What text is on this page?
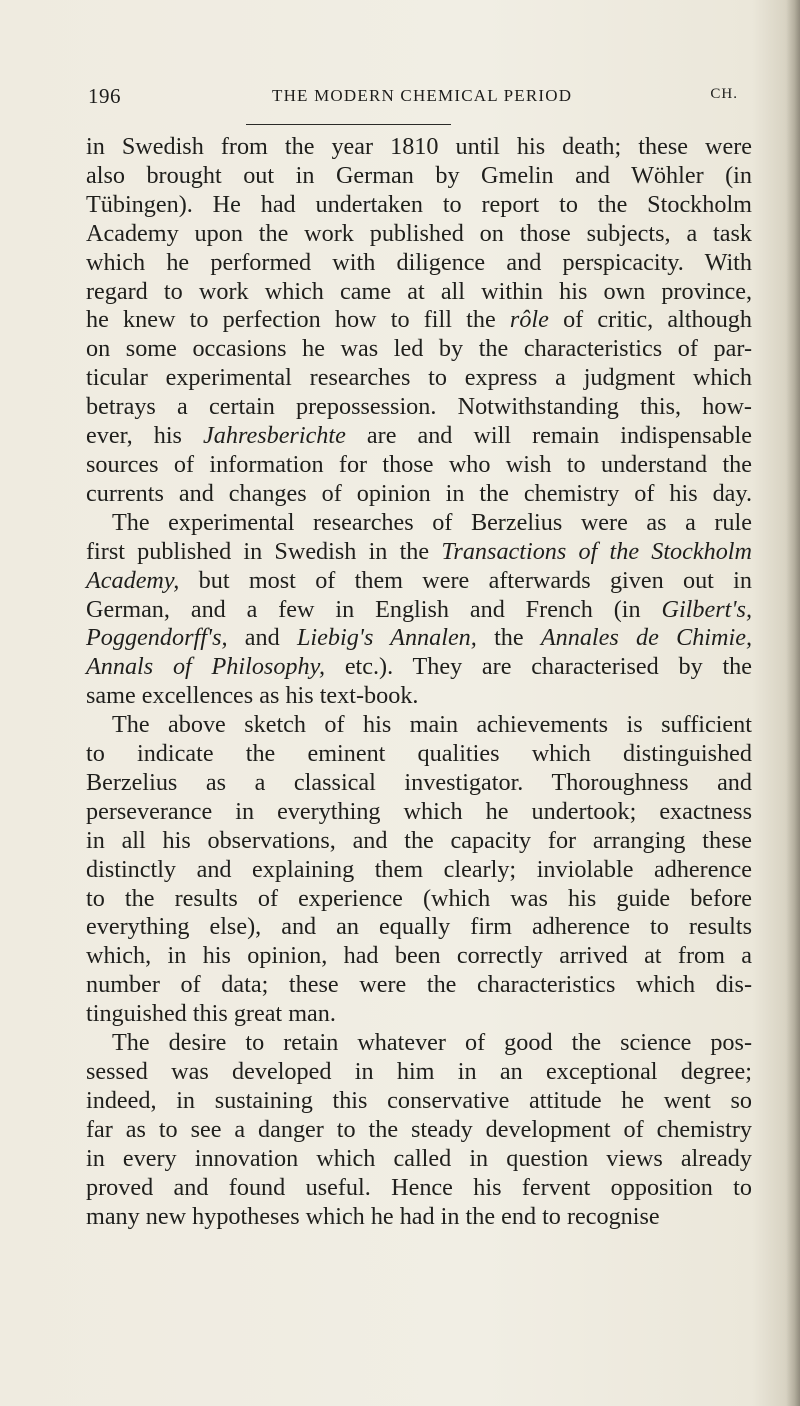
196	THE MODERN CHEMICAL PERIOD	CH.
in Swedish from the year 1810 until his death; these were
also brought out in German by Gmelin and Wöhler (in
Tübingen). He had undertaken to report to the Stockholm
Academy upon the work published on those subjects, a task
which he performed with diligence and perspicacity. With
regard to work which came at all within his own province,
he knew to perfection how to fill the rôle of critic, although
on some occasions he was led by the characteristics of par-
ticular experimental researches to express a judgment which
betrays a certain prepossession. Notwithstanding this, how-
ever, his Jahresberichte are and will remain indispensable
sources of information for those who wish to understand the
currents and changes of opinion in the chemistry of his day.
The experimental researches of Berzelius were as a rule
first published in Swedish in the Transactions of the Stockholm
Academy, but most of them were afterwards given out in
German, and a few in English and French (in Gilbert's,
Poggendorff's, and Liebig's Annalen, the Annales de Chimie,
Annals of Philosophy, etc.). They are characterised by the
same excellences as his text-book.
The above sketch of his main achievements is sufficient
to indicate the eminent qualities which distinguished
Berzelius as a classical investigator. Thoroughness and
perseverance in everything which he undertook; exactness
in all his observations, and the capacity for arranging these
distinctly and explaining them clearly; inviolable adherence
to the results of experience (which was his guide before
everything else), and an equally firm adherence to results
which, in his opinion, had been correctly arrived at from a
number of data; these were the characteristics which dis-
tinguished this great man.
The desire to retain whatever of good the science pos-
sessed was developed in him in an exceptional degree;
indeed, in sustaining this conservative attitude he went so
far as to see a danger to the steady development of chemistry
in every innovation which called in question views already
proved and found useful. Hence his fervent opposition to
many new hypotheses which he had in the end to recognise
